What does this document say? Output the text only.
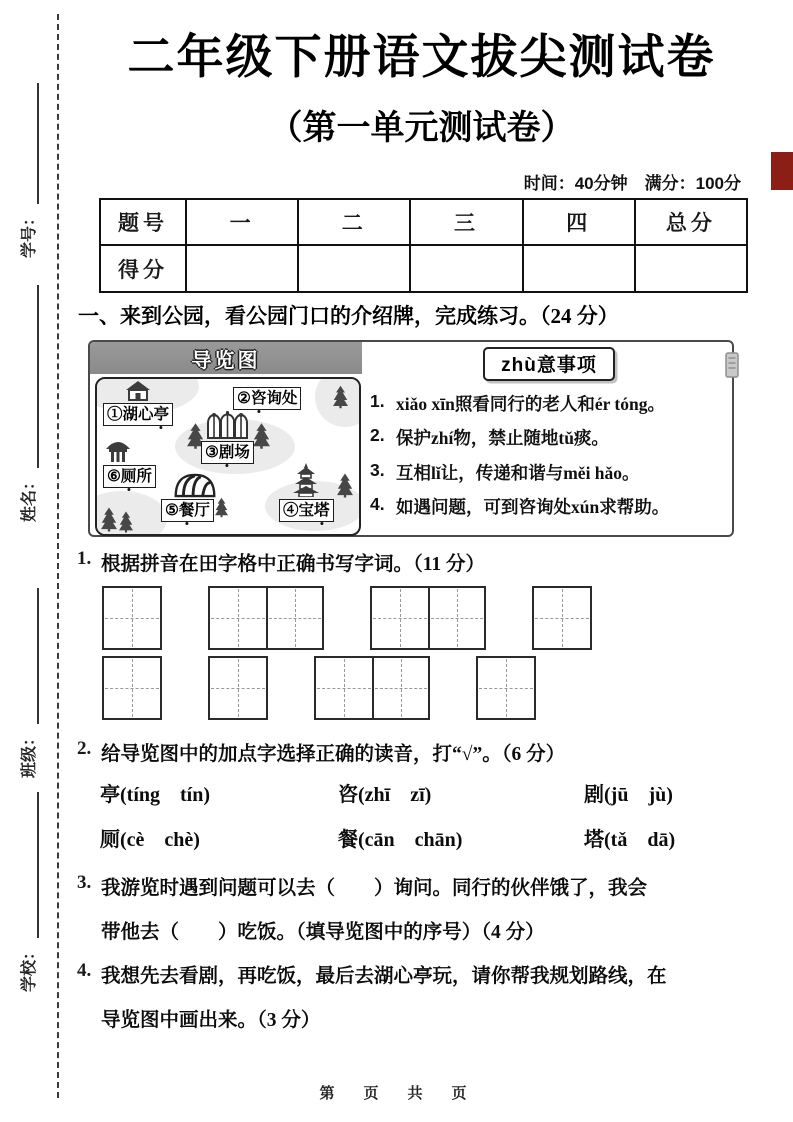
学号：
姓名：
班级：
学校：
二年级下册语文拔尖测试卷
（第一单元测试卷）
时间：40分钟　满分：100分
题号	一	二	三	四	总分
得分
一、来到公园，看公园门口的介绍牌，完成练习。（24 分）
导览图
①湖心亭
②咨询处
③剧场
④宝塔
⑤餐厅
⑥厕所
zhù意事项
1. xiǎo xīn照看同行的老人和ér tóng。
2. 保护zhí物，禁止随地tǔ痰。
3. 互相lǐ让，传递和谐与měi hǎo。
4. 如遇问题，可到咨询处xún求帮助。
1. 根据拼音在田字格中正确书写字词。（11 分）
2. 给导览图中的加点字选择正确的读音，打“√”。（6 分）
亭(tíng　tín)	咨(zhī　zī)	剧(jū　jù)
厕(cè　chè)	餐(cān　chān)	塔(tǎ　dā)
3. 我游览时遇到问题可以去（　　）询问。同行的伙伴饿了，我会
带他去（　　）吃饭。（填导览图中的序号）（4 分）
4. 我想先去看剧，再吃饭，最后去湖心亭玩，请你帮我规划路线，在
导览图中画出来。（3 分）
第　页　共　页
